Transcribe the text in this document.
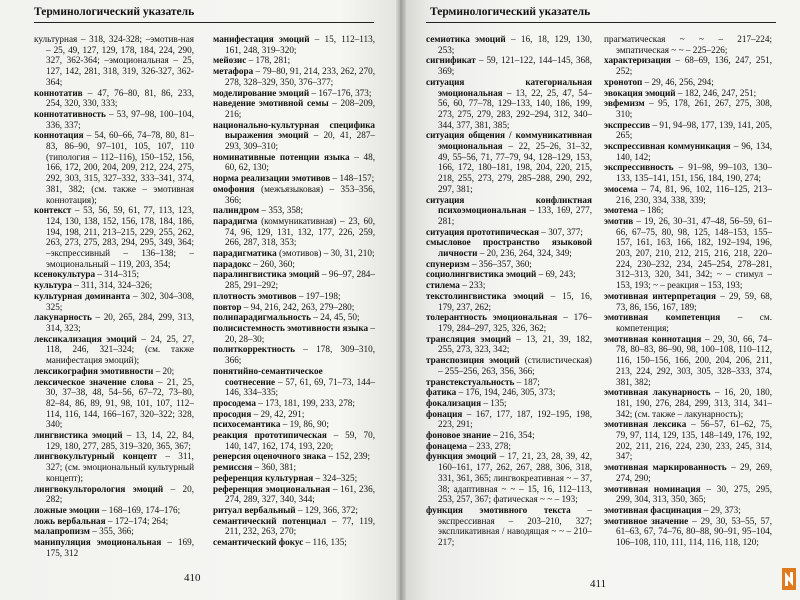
Терминологический указатель

культурная – 318, 324-328; –эмотив-ная – 25, 49, 127, 129, 178, 184, 224, 290, 327, 362-364; –эмоциональная – 25, 127, 142, 281, 318, 319, 326-327, 362-364;

коннотатив – 47, 76–80, 81, 86, 233, 254, 320, 330, 333;

коннотативность – 53, 97–98, 100–104, 336, 337;

коннотация – 54, 60–66, 74–78, 80, 81–83, 86–90, 97–101, 105, 107, 110 (типология – 112–116), 150–152, 156, 166, 172, 200, 204, 209, 212, 224, 275, 292, 303, 315, 327–332, 333–341, 374, 381, 382; (см. также – эмотивная коннотация);

контекст – 53, 56, 59, 61, 77, 113, 123, 124, 130, 138, 152, 156, 178, 184, 186, 194, 198, 211, 213–215, 229, 255, 262, 263, 273, 275, 283, 294, 295, 349, 364; –экспрессивный – 136–138; –эмоциональный – 119, 203, 354;

ксенокультура – 314–315;

культура – 311, 314, 324–326;

культурная доминанта – 302, 304–308, 325;

лакунарность – 20, 265, 284, 299, 313, 314, 323;

лексикализация эмоций – 24, 25, 27, 118, 246, 321–324; (см. также манифестация эмоций);

лексикография эмотивности – 20;

лексическое значение слова – 21, 25, 30, 37–38, 48, 54–56, 67–72, 73–80, 82–84, 86, 89, 91, 98, 101, 107, 112–114, 116, 144, 166–167, 320–322; 328, 340;

лингвистика эмоций – 13, 14, 22, 84, 129, 180, 277, 285, 319–320, 365, 367;

лингвокультурный концепт – 311, 327; (см. эмоциональный культурный концепт);

лингвокульторология эмоций – 20, 282;

ложные эмоции – 168–169, 174–176;

ложь вербальная – 172–174; 264;

малапропизм – 355, 366;

манипуляция эмоциональная – 169, 175, 312

манифестация эмоций – 15, 112–113, 161, 248, 319–320;

мейозис – 178, 281;

метафора – 79–80, 91, 214, 233, 262, 270, 278, 328–329, 350, 376–377;

моделирование эмоций – 167–176, 373;

наведение эмотивной семы – 208–209, 216;

национально-культурная специфика выражения эмоций – 20, 41, 287–293, 309–310;

номинативные потенции языка – 48, 60, 62, 130;

норма реализации эмотивов – 148–157;

омофония (межъязыковая) – 353–356, 366;

палиндром – 353, 358;

парадигма (коммуникативная) – 23, 60, 74, 96, 129, 131, 132, 177, 226, 259, 266, 287, 318, 353;

парадигматика (эмотивов) – 30, 31, 210;

парадокс – 260, 360;

паралингвистика эмоций – 96–97, 284–285, 291–292;

плотность эмотивов – 197–198;

повтор – 94, 216, 242, 263, 279–280;

полипарадигмальность – 24, 45, 50;

полисистемность эмотивности языка – 20, 28–30;

политкорректность – 178, 309–310, 366;

понятийно-семантическое соотнесение – 57, 61, 69, 71–73, 144–146, 334–335;

просодема – 173, 181, 199, 233, 278;

просодия – 29, 42, 291;

психосемантика – 19, 86, 90;

реакция прототипическая – 59, 70, 140, 147, 162, 174, 193, 220;

ренерсия оценочного знака – 152, 239;

ремиссия – 360, 381;

референция культурная – 324–325;

референция эмоциональная – 161, 236, 274, 289, 327, 340, 344;

ритуал вербальный – 129, 366, 372;

семантический потенциал – 77, 119, 211, 232, 263, 270;

семантический фокус – 116, 135;

410
Терминологический указатель

семиотика эмоций – 16, 18, 129, 130, 253;

сигнификат – 59, 121–122, 144–145, 368, 369;

ситуация категориальная эмоциональная – 13, 22, 25, 47, 54–56, 60, 77–78, 129–133, 140, 186, 199, 273, 275, 279, 283, 292–294, 312, 340–344, 377, 381, 385;

ситуация общения / коммуникативная эмоциональная – 22, 25–26, 31–32, 49, 55–56, 71, 77–79, 94, 128–129, 153, 166, 172, 180–181, 198, 204, 220, 215, 218, 255, 273, 279, 285–288, 290, 292, 297, 381;

ситуация конфликтная психоэмоциональная – 133, 169, 277, 281;

ситуация прототипическая – 307, 377;

смысловое пространство языковой личности – 20, 236, 264, 324, 349;

спунеризм – 356–357, 360;

социолингвистика эмоций – 69, 243;

стилема – 233;

текстолингвистика эмоций – 15, 16, 179, 237, 262;

толерантность эмоциональная – 176–179, 284–297, 325, 326, 362;

трансляция эмоций – 13, 21, 39, 182, 255, 273, 323, 342;

транспозиция эмоций (стилистическая) – 255–256, 263, 356, 366;

транстекстуальность – 187;

фатика – 176, 194, 246, 305, 373;

фокализация – 135;

фонация – 167, 177, 187, 192–195, 198, 223, 291;

фоновое знание – 216, 354;

фонацема – 233, 278;

функция эмоций – 17, 21, 23, 28, 39, 42, 160–161, 177, 262, 267, 288, 306, 318, 331, 361, 365; лингвокреативная ~ – 37, 38; адаптивная ~ ~ – 15, 16, 112–113, 253, 257, 367; фатическая ~ ~ – 193;

функция эмотивного текста – экспрессивная – 203–210, 327; экспликативная / наводящая ~ ~ – 210–217;

прагматическая ~ ~ – 217–224; эмпатическая ~ ~ – 225–226;

характеризация – 68–69, 136, 247, 251, 252;

хронотоп – 29, 46, 256, 294;

эвокация эмоций – 182, 246, 247, 251;

эвфемизм – 95, 178, 261, 267, 275, 308, 310;

экспрессив – 91, 94–98, 177, 139, 141, 205, 265;

экспрессивная коммуникация – 96, 134, 140, 142;

экспрессивность – 91–98, 99–103, 130–133, 135–141, 151, 156, 184, 190, 274;

эмосема – 74, 81, 96, 102, 116–125, 213–216, 230, 334, 338, 339;

эмотема – 186;

эмотив – 19, 26, 30–31, 47–48, 56–59, 61–66, 67–75, 80, 98, 125, 148–153, 155–157, 161, 163, 166, 182, 192–194, 196, 203, 207, 210, 212, 215, 216, 218, 220–224, 230–232, 234, 245–254, 278–281, 312–313, 320, 341, 342; ~ – стимул – 153, 193; ~ – реакция – 153, 193;

эмотивная интерпретация – 29, 59, 68, 73, 86, 156, 167, 189;

эмотивная компетенция – см. компетенция;

эмотивная коннотация – 29, 30, 66, 74–78, 80–83, 86–90, 98, 100–108, 110–112, 116, 150–156, 166, 200, 204, 206, 211, 213, 224, 292, 303, 305, 328–333, 374, 381, 382;

эмотивная лакунарность – 16, 20, 180, 181, 190, 276, 284, 299, 313, 314, 341–342; (см. также – лакунарность);

эмотивная лексика – 56–57, 61–62, 75, 79, 97, 114, 129, 135, 148–149, 176, 192, 202, 211, 216, 224, 230, 233, 245, 314, 347;

эмотивная маркированность – 29, 269, 274, 290;

эмотивная номинация – 30, 275, 295, 299, 304, 313, 350, 365;

эмотивная фасцинация – 29, 373;

эмотивное значение – 29, 30, 53–55, 57, 61–63, 67, 74–76, 80–88, 90–91, 95–104, 106–108, 110, 111, 114, 116, 118, 120;

411
